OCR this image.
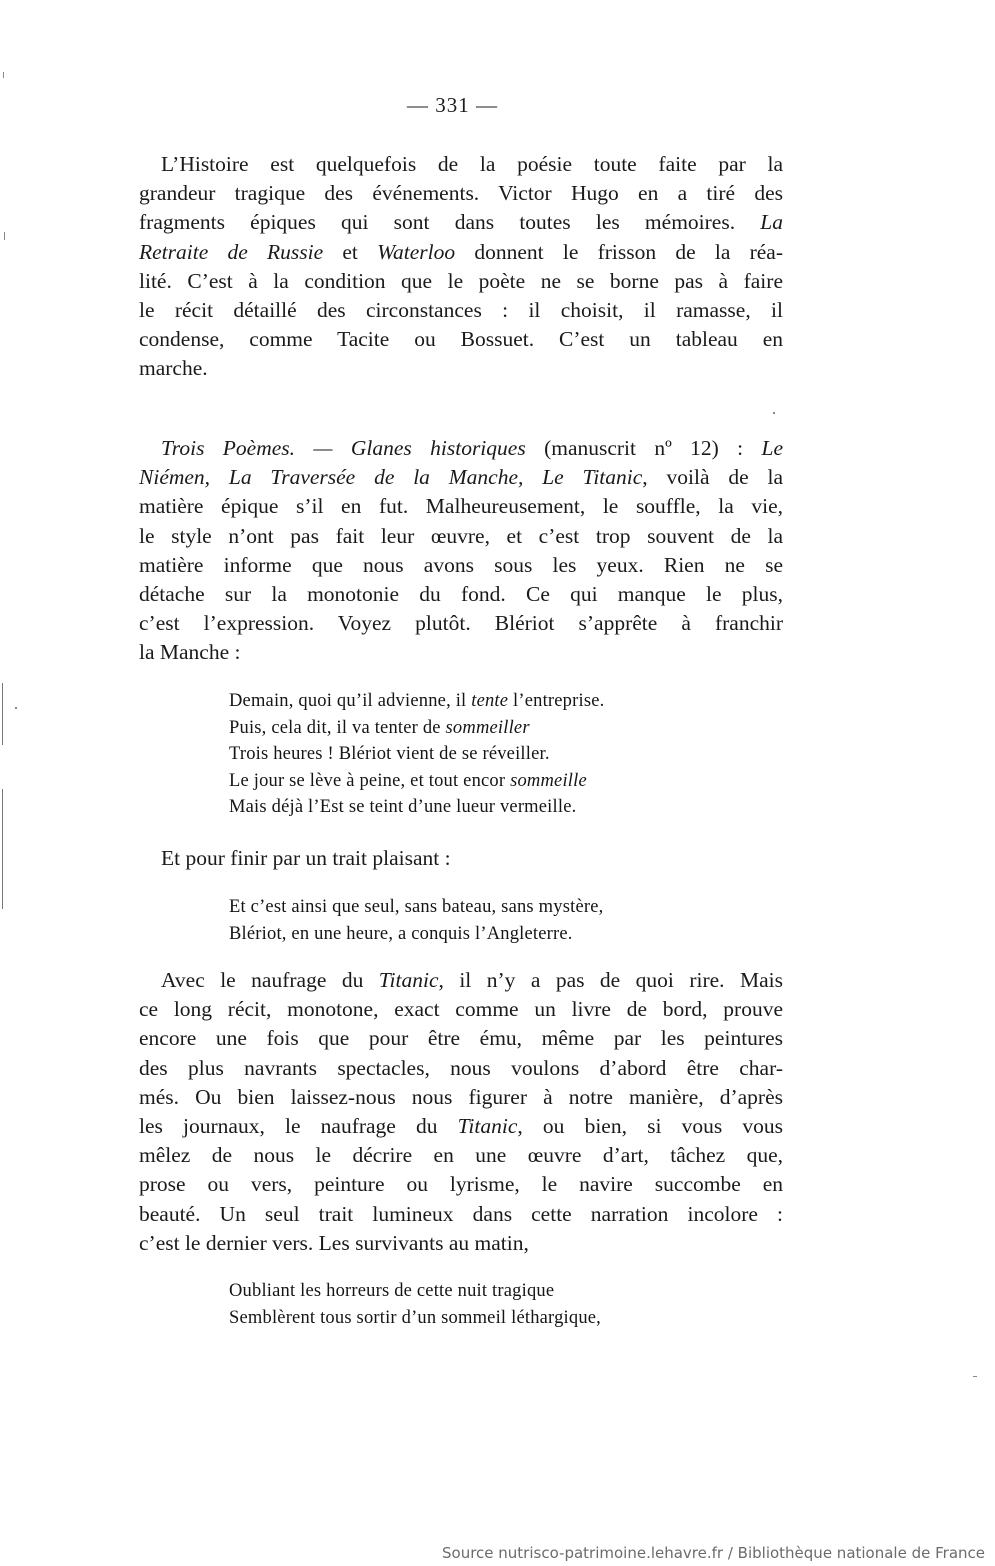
— 331 —
L’Histoire est quelquefois de la poésie toute faite par la
grandeur tragique des événements. Victor Hugo en a tiré des
fragments épiques qui sont dans toutes les mémoires. La
Retraite de Russie et Waterloo donnent le frisson de la réa-
lité. C’est à la condition que le poète ne se borne pas à faire
le récit détaillé des circonstances : il choisit, il ramasse, il
condense, comme Tacite ou Bossuet. C’est un tableau en
marche.
Trois Poèmes. — Glanes historiques (manuscrit nº 12) : Le
Niémen, La Traversée de la Manche, Le Titanic, voilà de la
matière épique s’il en fut. Malheureusement, le souffle, la vie,
le style n’ont pas fait leur œuvre, et c’est trop souvent de la
matière informe que nous avons sous les yeux. Rien ne se
détache sur la monotonie du fond. Ce qui manque le plus,
c’est l’expression. Voyez plutôt. Blériot s’apprête à franchir
la Manche :
Demain, quoi qu’il advienne, il tente l’entreprise.
Puis, cela dit, il va tenter de sommeiller
Trois heures ! Blériot vient de se réveiller.
Le jour se lève à peine, et tout encor sommeille
Mais déjà l’Est se teint d’une lueur vermeille.
Et pour finir par un trait plaisant :
Et c’est ainsi que seul, sans bateau, sans mystère,
Blériot, en une heure, a conquis l’Angleterre.
Avec le naufrage du Titanic, il n’y a pas de quoi rire. Mais
ce long récit, monotone, exact comme un livre de bord, prouve
encore une fois que pour être ému, même par les peintures
des plus navrants spectacles, nous voulons d’abord être char-
més. Ou bien laissez-nous nous figurer à notre manière, d’après
les journaux, le naufrage du Titanic, ou bien, si vous vous
mêlez de nous le décrire en une œuvre d’art, tâchez que,
prose ou vers, peinture ou lyrisme, le navire succombe en
beauté. Un seul trait lumineux dans cette narration incolore :
c’est le dernier vers. Les survivants au matin,
Oubliant les horreurs de cette nuit tragique
Semblèrent tous sortir d’un sommeil léthargique,
Source nutrisco-patrimoine.lehavre.fr / Bibliothèque nationale de France
